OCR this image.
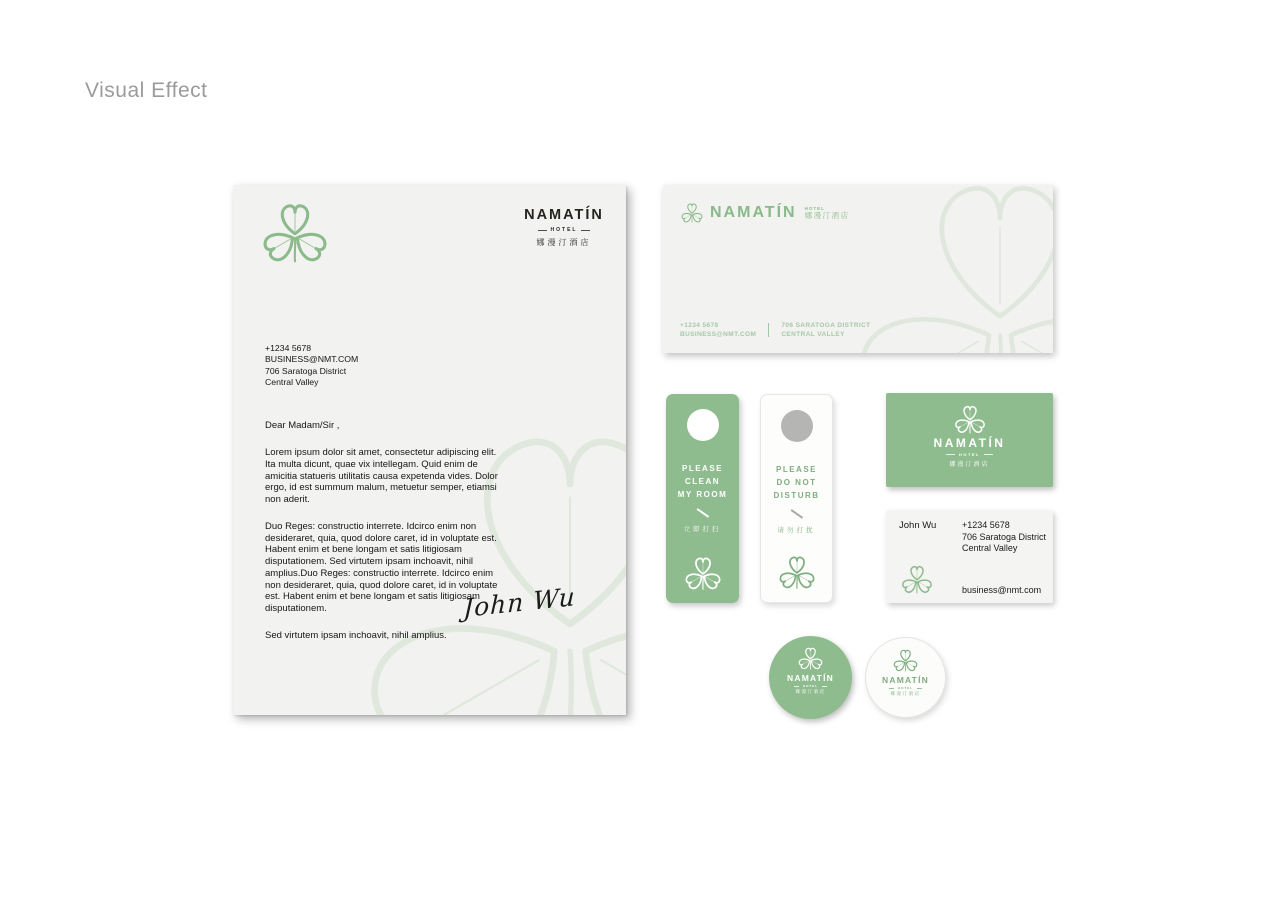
Visual Effect
NAMATÍN
HOTEL
娜漫汀酒店
+1234 5678
BUSINESS@NMT.COM
706 Saratoga District
Central Valley
Dear Madam/Sir ,
Lorem ipsum dolor sit amet, consectetur adipiscing elit. Ita multa dicunt, quae vix intellegam. Quid enim de amicitia statueris utilitatis causa expetenda vides. Dolor ergo, id est summum malum, metuetur semper, etiamsi non aderit.
Duo Reges: constructio interrete. Idcirco enim non desideraret, quia, quod dolore caret, id in voluptate est. Habent enim et bene longam et satis litigiosam disputationem. Sed virtutem ipsam inchoavit, nihil amplius.Duo Reges: constructio interrete. Idcirco enim non desideraret, quia, quod dolore caret, id in voluptate est. Habent enim et bene longam et satis litigiosam disputationem.
Sed virtutem ipsam inchoavit, nihil amplius.
John Wu
NAMATÍN HOTEL
娜漫汀酒店
+1234 5678
BUSINESS@NMT.COM
706 SARATOGA DISTRICT
CENTRAL VALLEY
PLEASE
CLEAN
MY ROOM
立即打扫
PLEASE
DO NOT
DISTURB
请勿打扰
NAMATÍN
HOTEL
娜漫汀酒店
John Wu	+1234 5678
706 Saratoga District
Central Valley
business@nmt.com
NAMATÍN
HOTEL
娜漫汀酒店
NAMATÍN
HOTEL
娜漫汀酒店
